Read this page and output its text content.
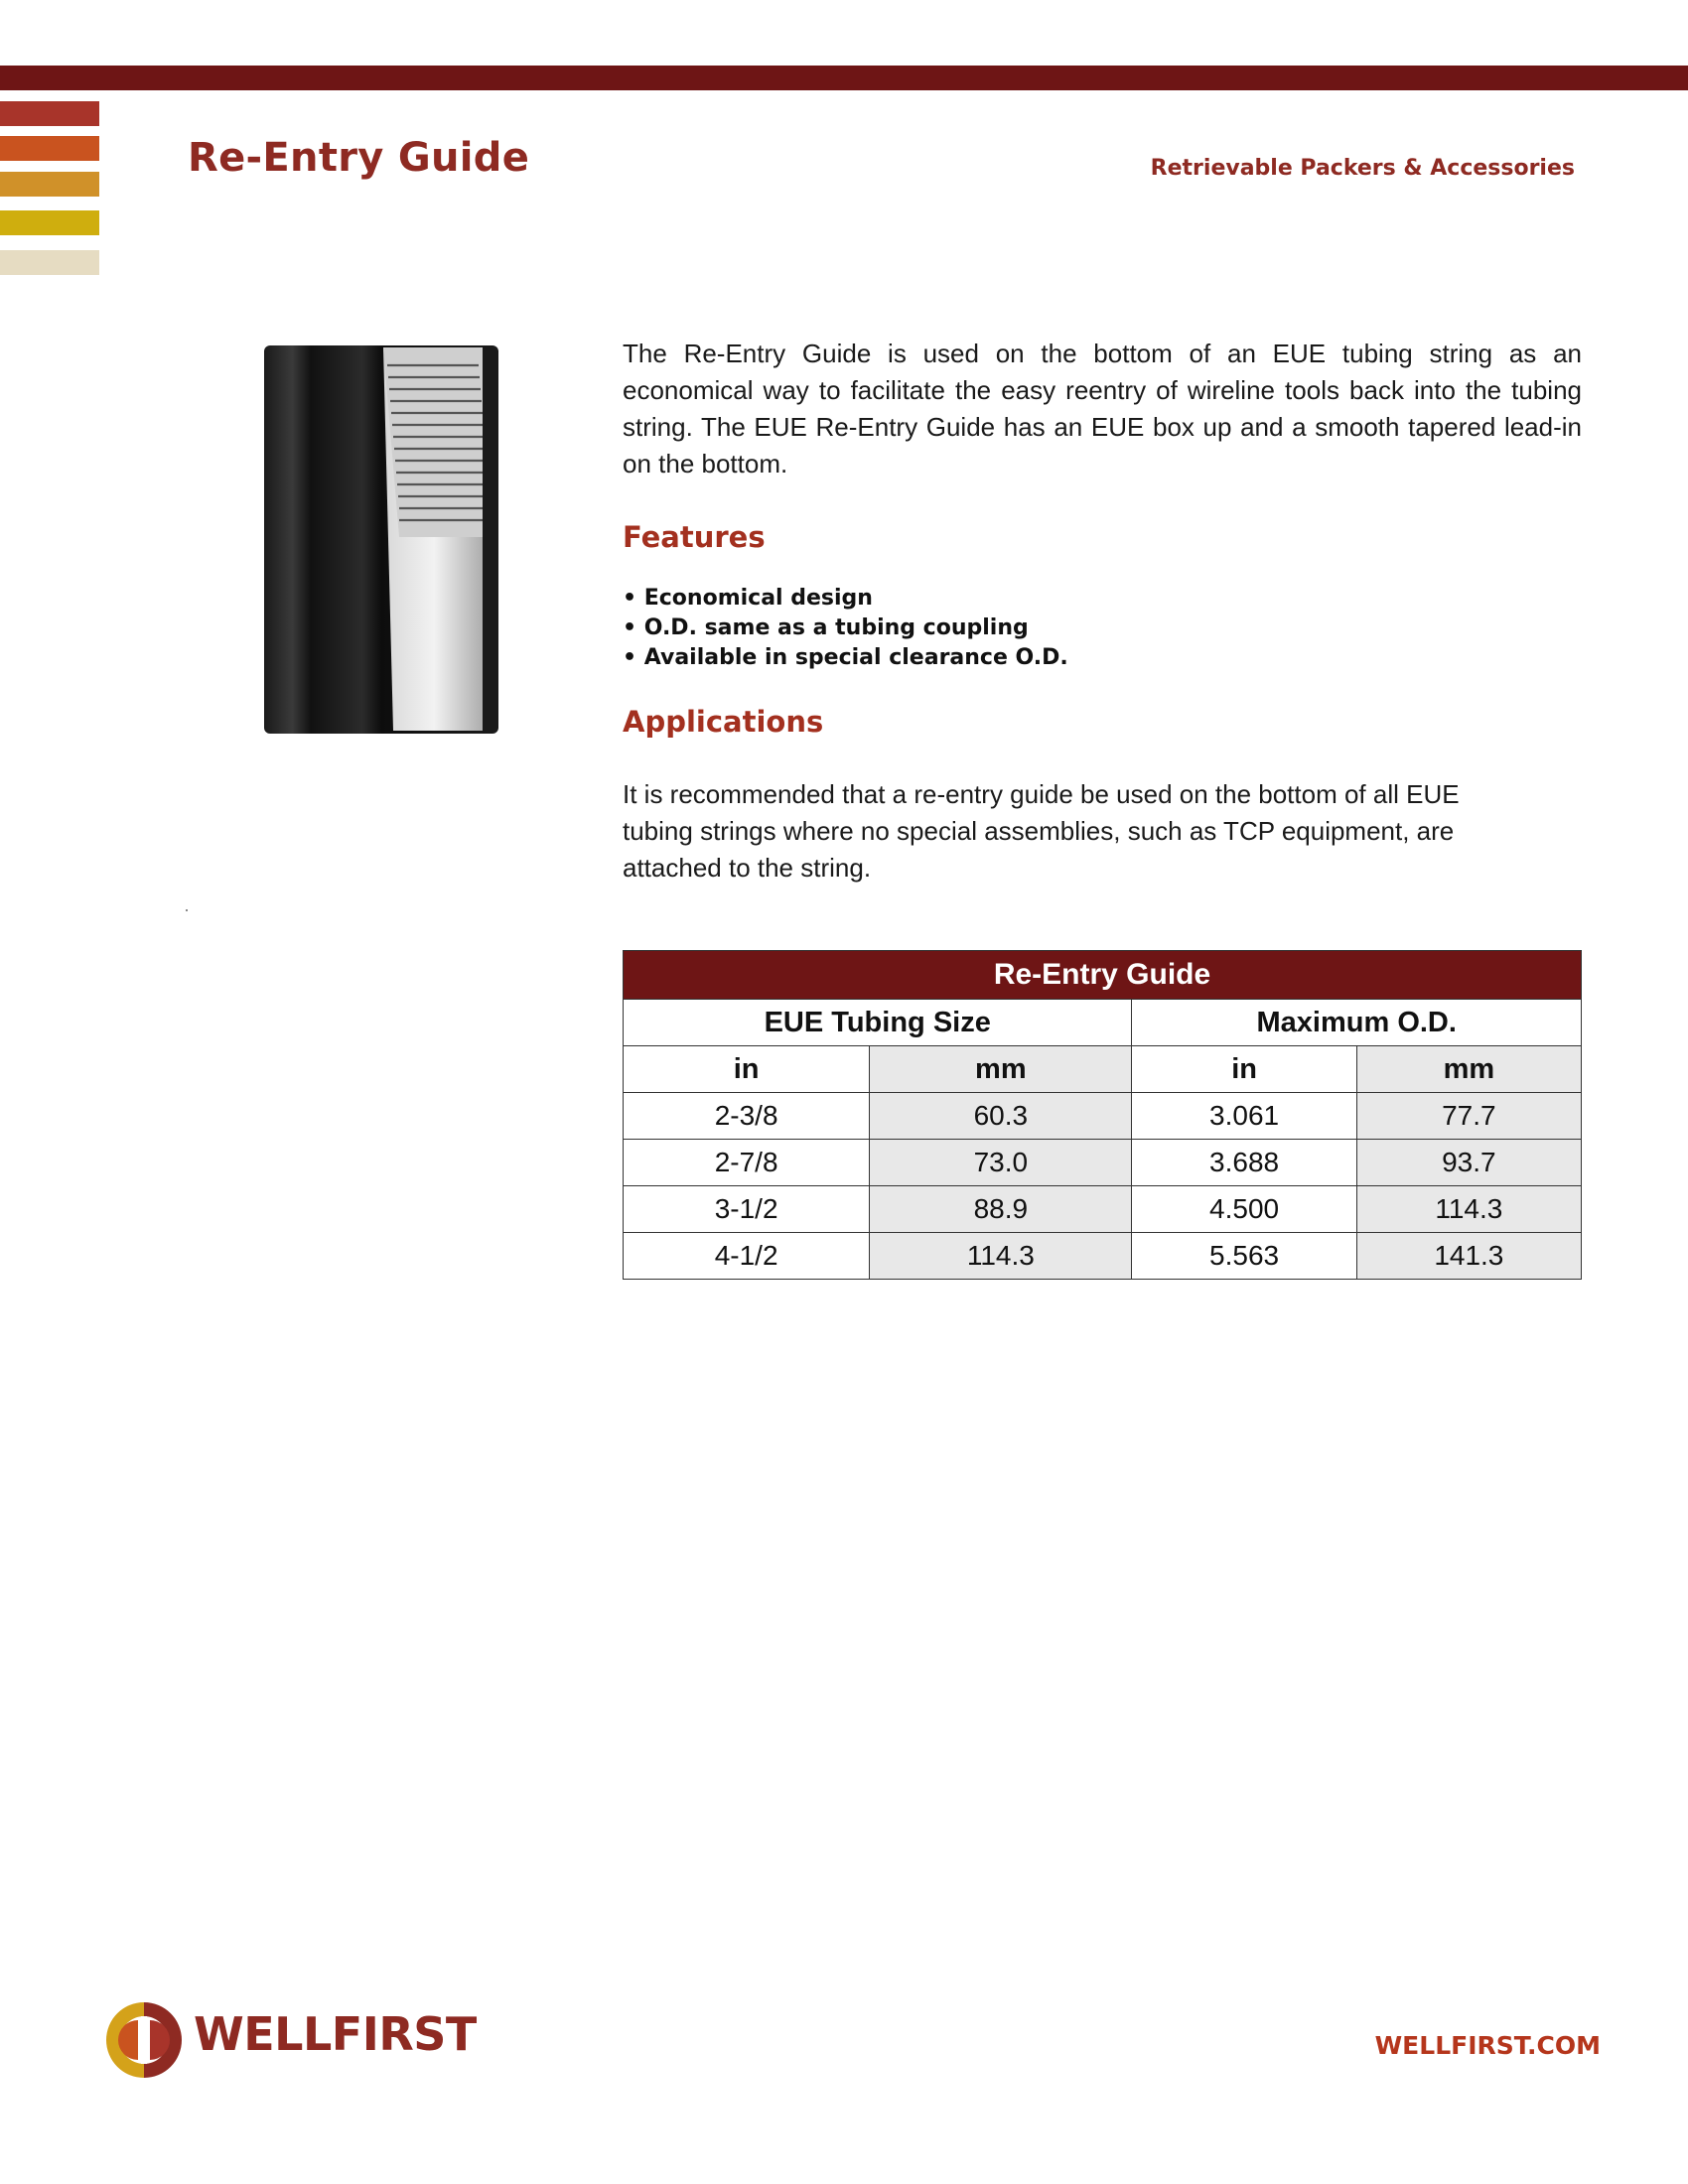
Re-Entry Guide	Retrievable Packers & Accessories

The Re-Entry Guide is used on the bottom of an EUE tubing string as an economical way to facilitate the easy reentry of wireline tools back into the tubing string. The EUE Re-Entry Guide has an EUE box up and a smooth tapered lead-in on the bottom.

Features
• Economical design
• O.D. same as a tubing coupling
• Available in special clearance O.D.
Applications

It is recommended that a re-entry guide be used on the bottom of all EUE tubing strings where no special assemblies, such as TCP equipment, are attached to the string.

Re-Entry Guide			
EUE Tubing Size		Maximum O.D.	
in	mm	in	mm
2-3/8	60.3	3.061	77.7
2-7/8	73.0	3.688	93.7
3-1/2	88.9	4.500	114.3
4-1/2	114.3	5.563	141.3
WELLFIRST	WELLFIRST.COM
